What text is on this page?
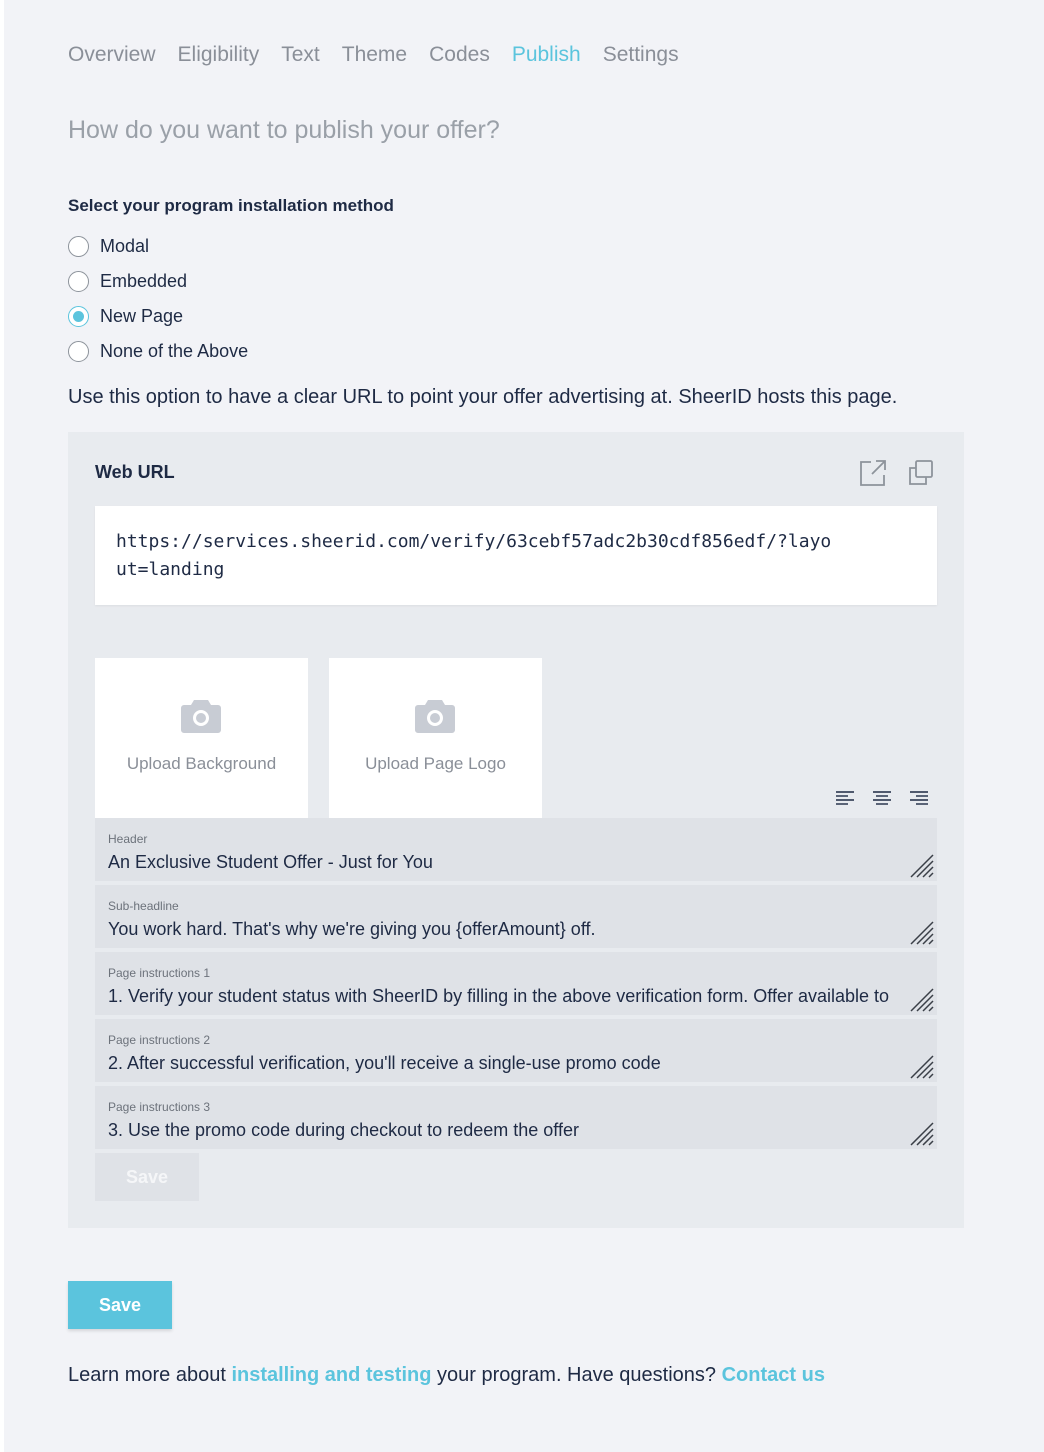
Overview Eligibility Text Theme Codes Publish Settings
How do you want to publish your offer?
Select your program installation method
Modal
Embedded
New Page
None of the Above

Use this option to have a clear URL to point your offer advertising at. SheerID hosts this page.

Web URL
https://services.sheerid.com/verify/63cebf57adc2b30cdf856edf/?layout=landing
Upload Background	Upload Page Logo
Header
An Exclusive Student Offer - Just for You
Sub-headline
You work hard. That's why we're giving you {offerAmount} off.
Page instructions 1
1. Verify your student status with SheerID by filling in the above verification form. Offer available to
Page instructions 2
2. After successful verification, you'll receive a single-use promo code
Page instructions 3
3. Use the promo code during checkout to redeem the offer
Save
Save

Learn more about installing and testing your program. Have questions? Contact us
